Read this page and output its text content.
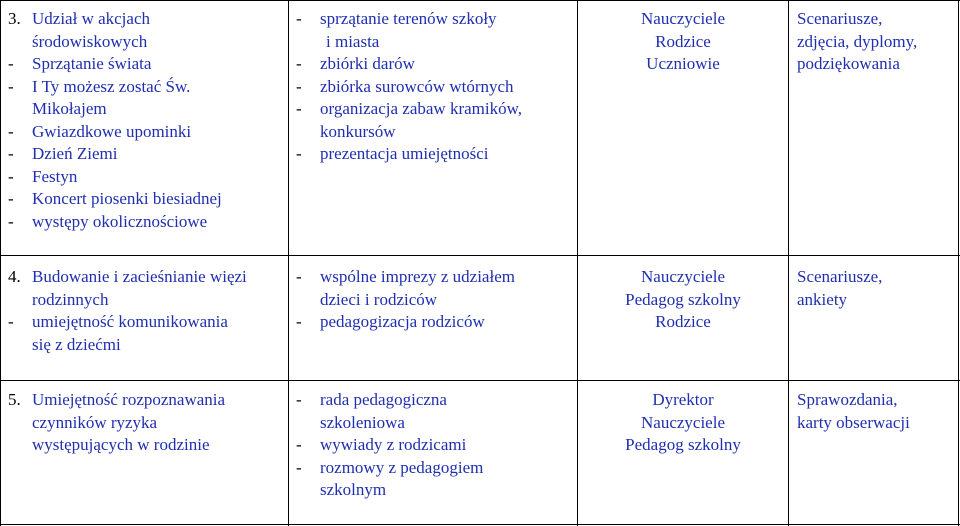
3. Udział w akcjach
środowiskowych
- Sprzątanie świata
- I Ty możesz zostać Św.
Mikołajem
- Gwiazdkowe upominki
- Dzień Ziemi
- Festyn
- Koncert piosenki biesiadnej
- występy okolicznościowe
- sprzątanie terenów szkoły
i miasta
- zbiórki darów
- zbiórka surowców wtórnych
- organizacja zabaw kramików,
konkursów
- prezentacja umiejętności
Nauczyciele
Rodzice
Uczniowie
Scenariusze,
zdjęcia, dyplomy,
podziękowania
4. Budowanie i zacieśnianie więzi
rodzinnych
- umiejętność komunikowania
się z dziećmi
- wspólne imprezy z udziałem
dzieci i rodziców
- pedagogizacja rodziców
Nauczyciele
Pedagog szkolny
Rodzice
Scenariusze,
ankiety
5. Umiejętność rozpoznawania
czynników ryzyka
występujących w rodzinie
- rada pedagogiczna
szkoleniowa
- wywiady z rodzicami
- rozmowy z pedagogiem
szkolnym
Dyrektor
Nauczyciele
Pedagog szkolny
Sprawozdania,
karty obserwacji
